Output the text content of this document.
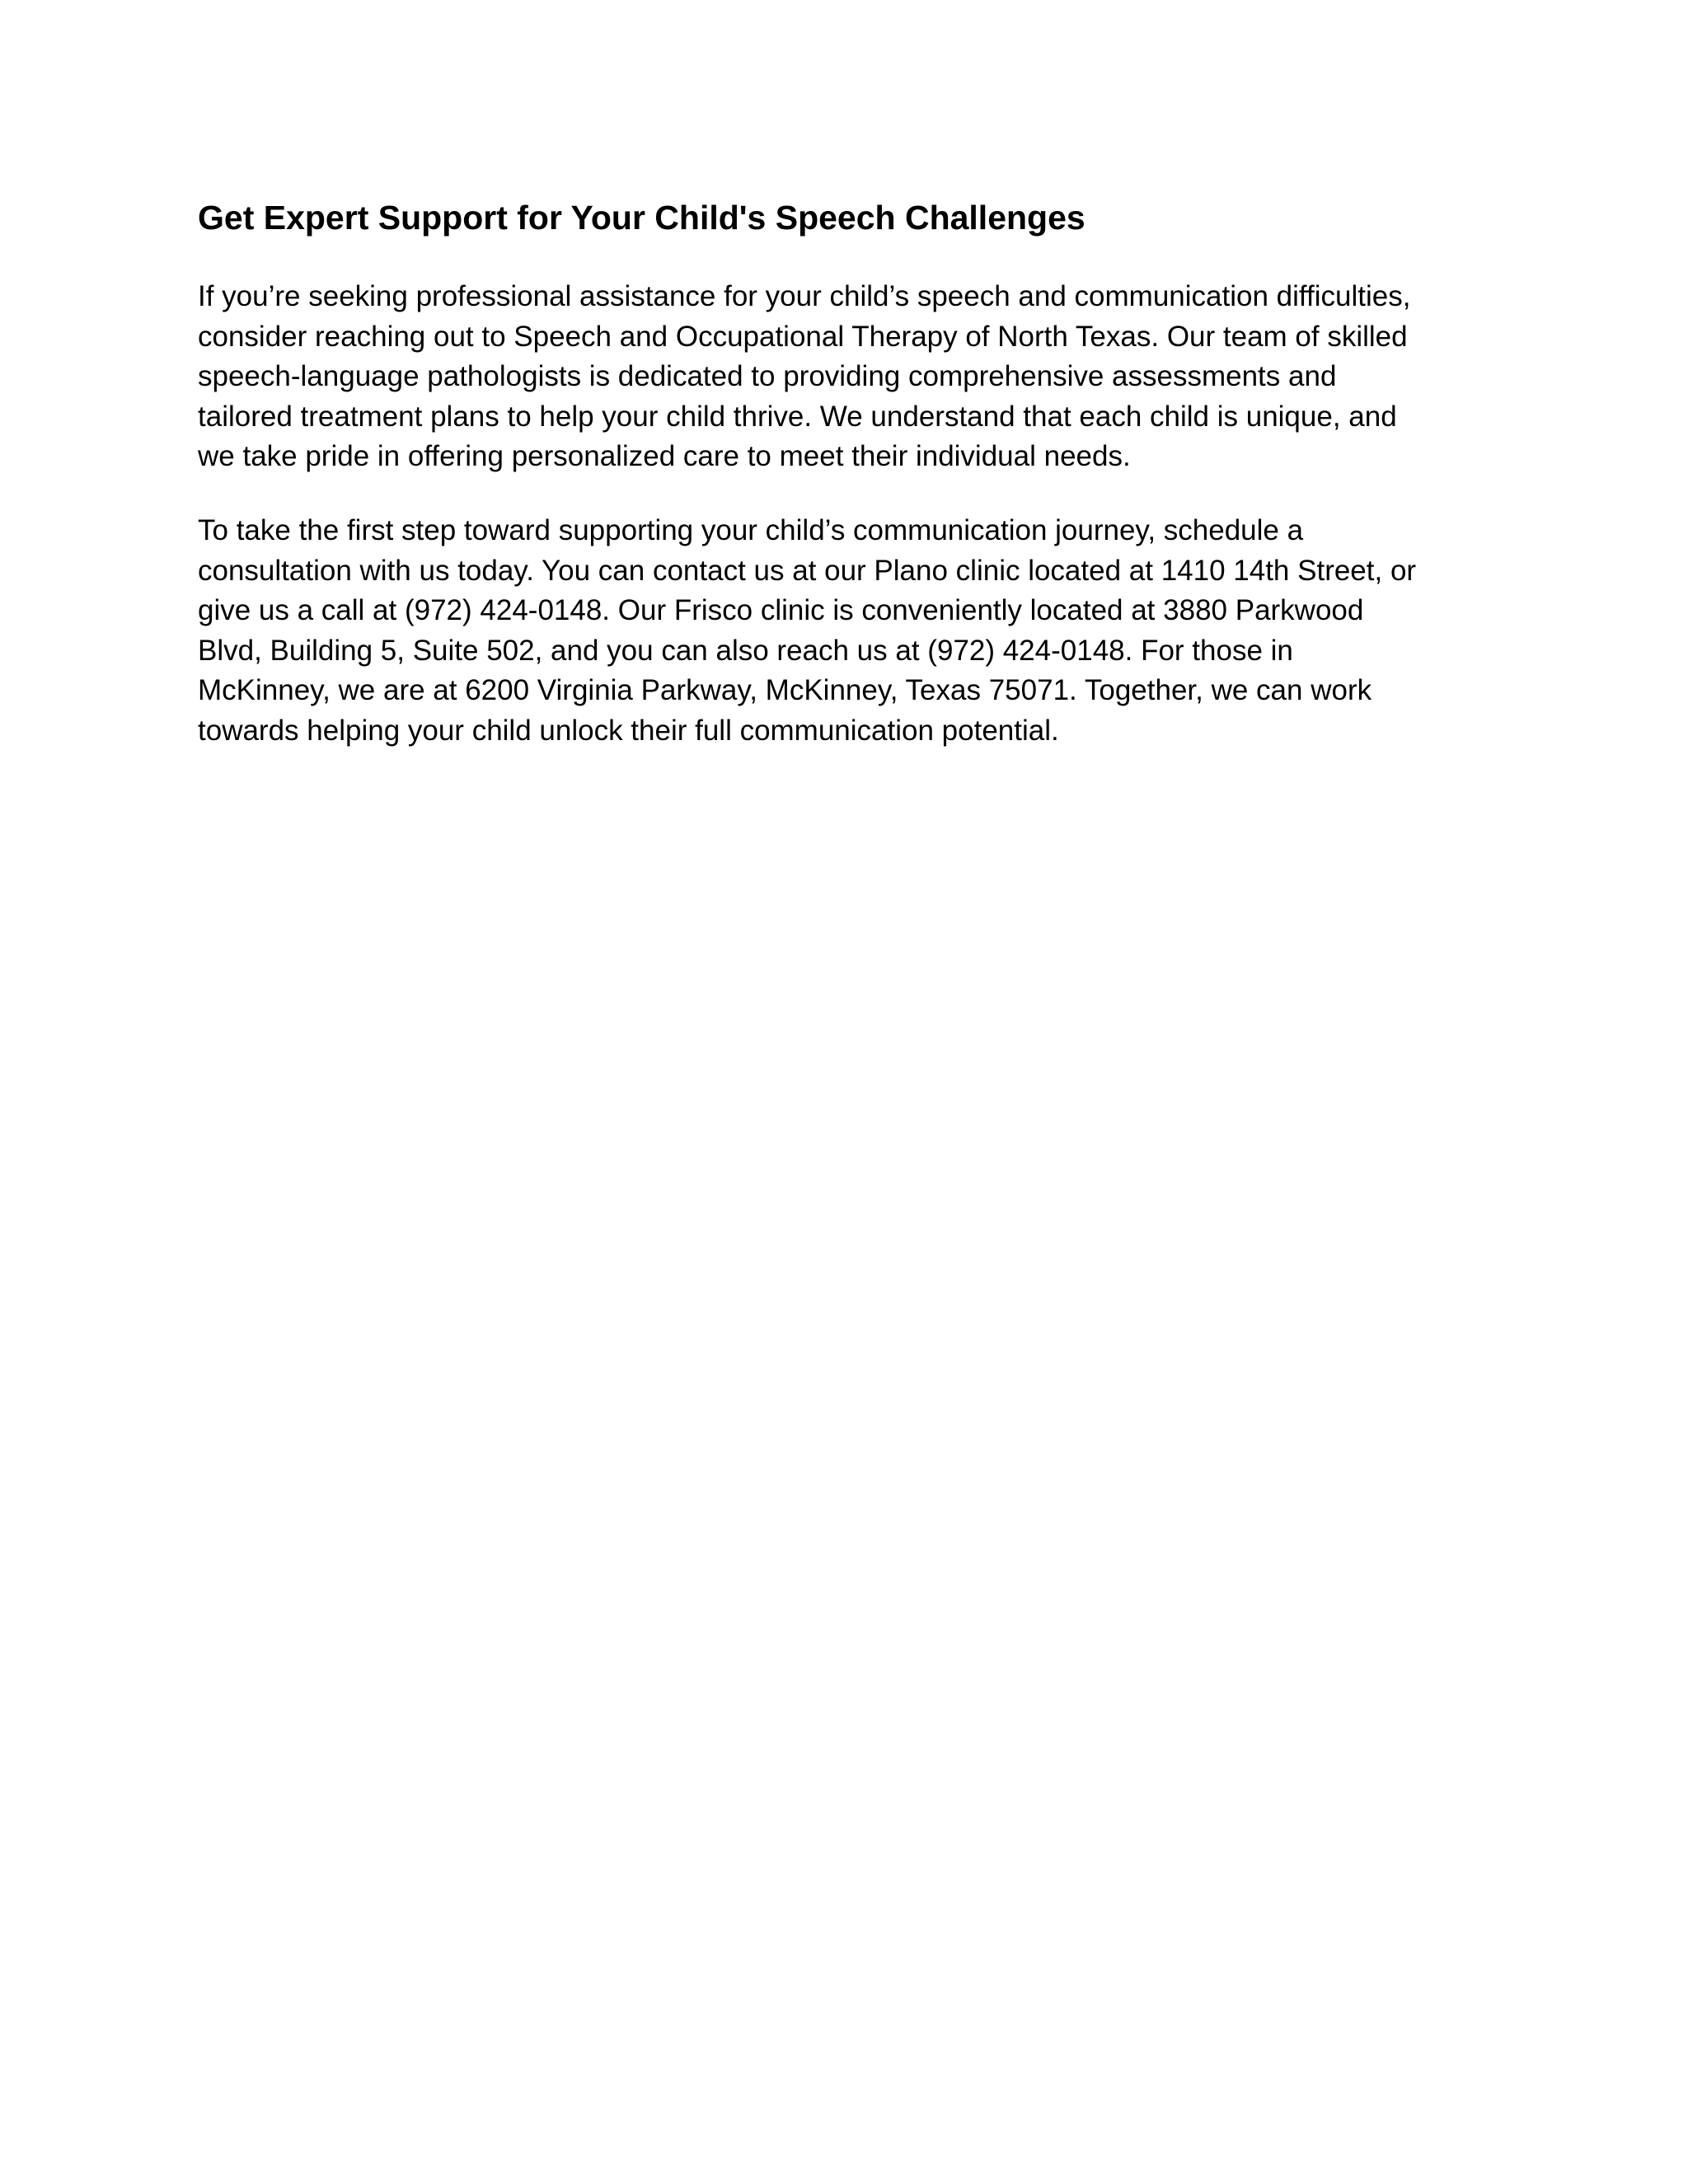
Get Expert Support for Your Child's Speech Challenges

If you’re seeking professional assistance for your child’s speech and communication difficulties,
consider reaching out to Speech and Occupational Therapy of North Texas. Our team of skilled
speech-language pathologists is dedicated to providing comprehensive assessments and
tailored treatment plans to help your child thrive. We understand that each child is unique, and
we take pride in offering personalized care to meet their individual needs.

To take the first step toward supporting your child’s communication journey, schedule a
consultation with us today. You can contact us at our Plano clinic located at 1410 14th Street, or
give us a call at (972) 424-0148. Our Frisco clinic is conveniently located at 3880 Parkwood
Blvd, Building 5, Suite 502, and you can also reach us at (972) 424-0148. For those in
McKinney, we are at 6200 Virginia Parkway, McKinney, Texas 75071. Together, we can work
towards helping your child unlock their full communication potential.
